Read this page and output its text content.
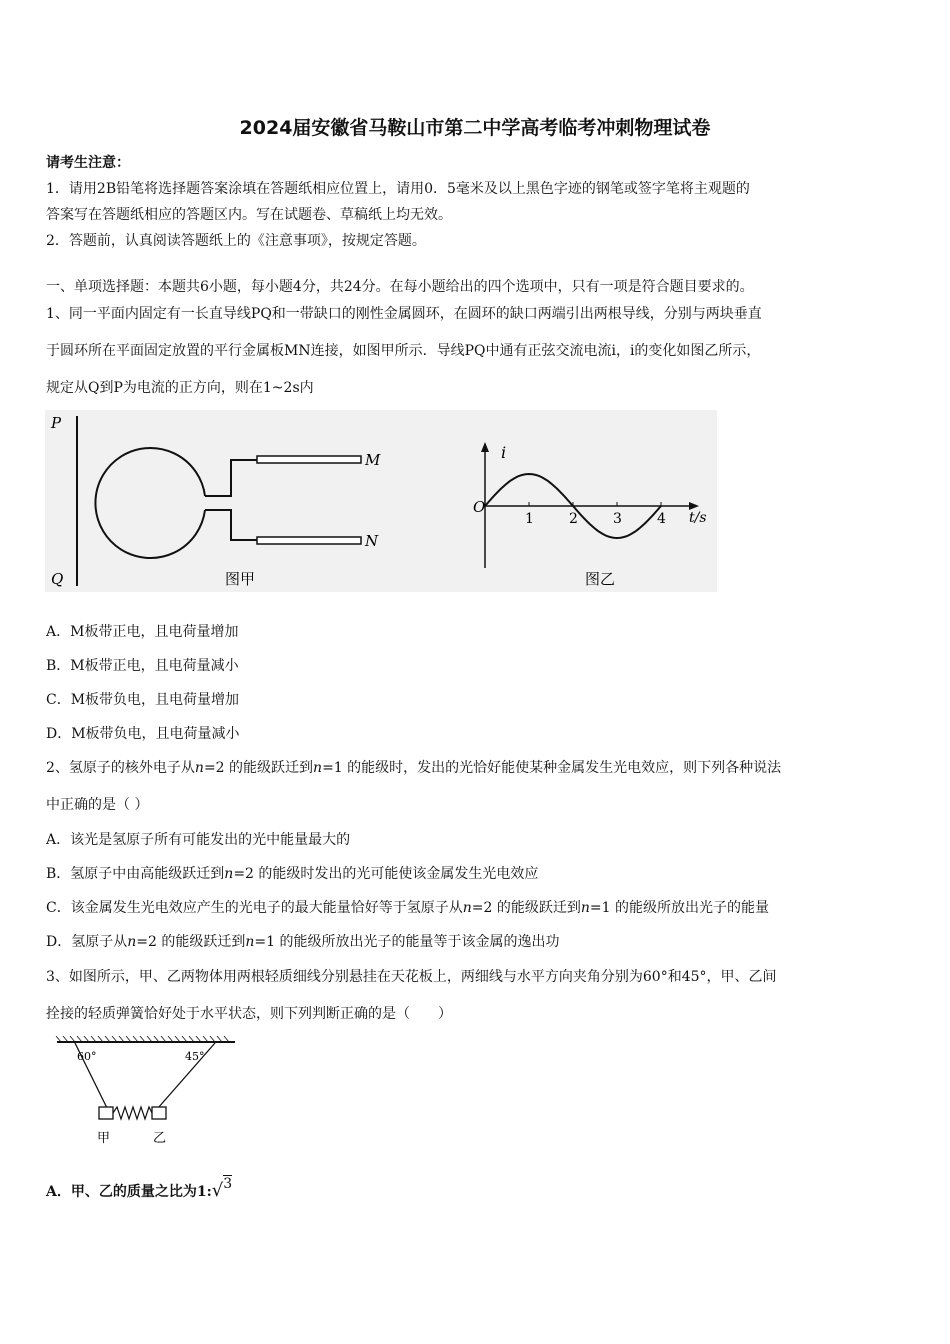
2024届安徽省马鞍山市第二中学高考临考冲刺物理试卷
请考生注意：
1．请用2B铅笔将选择题答案涂填在答题纸相应位置上，请用0．5毫米及以上黑色字迹的钢笔或签字笔将主观题的
答案写在答题纸相应的答题区内。写在试题卷、草稿纸上均无效。
2．答题前，认真阅读答题纸上的《注意事项》，按规定答题。
一、单项选择题：本题共6小题，每小题4分，共24分。在每小题给出的四个选项中，只有一项是符合题目要求的。
1、同一平面内固定有一长直导线PQ和一带缺口的刚性金属圆环，在圆环的缺口两端引出两根导线，分别与两块垂直
于圆环所在平面固定放置的平行金属板MN连接，如图甲所示．导线PQ中通有正弦交流电流i，i的变化如图乙所示，
规定从Q到P为电流的正方向，则在1~2s内
P
Q
M
N
图甲
i
O
t/s
1	2	3	4
图乙
A．M板带正电，且电荷量增加
B．M板带正电，且电荷量减小
C．M板带负电，且电荷量增加
D．M板带负电，且电荷量减小
2、氢原子的核外电子从n=2 的能级跃迁到n=1 的能级时，发出的光恰好能使某种金属发生光电效应，则下列各种说法
中正确的是（ ）
A．该光是氢原子所有可能发出的光中能量最大的
B．氢原子中由高能级跃迁到n=2 的能级时发出的光可能使该金属发生光电效应
C．该金属发生光电效应产生的光电子的最大能量恰好等于氢原子从n=2 的能级跃迁到n=1 的能级所放出光子的能量
D．氢原子从n=2 的能级跃迁到n=1 的能级所放出光子的能量等于该金属的逸出功
3、如图所示，甲、乙两物体用两根轻质细线分别悬挂在天花板上，两细线与水平方向夹角分别为60°和45°，甲、乙间
拴接的轻质弹簧恰好处于水平状态，则下列判断正确的是（　　）
60°	45°
甲	乙
A．甲、乙的质量之比为1:√3
